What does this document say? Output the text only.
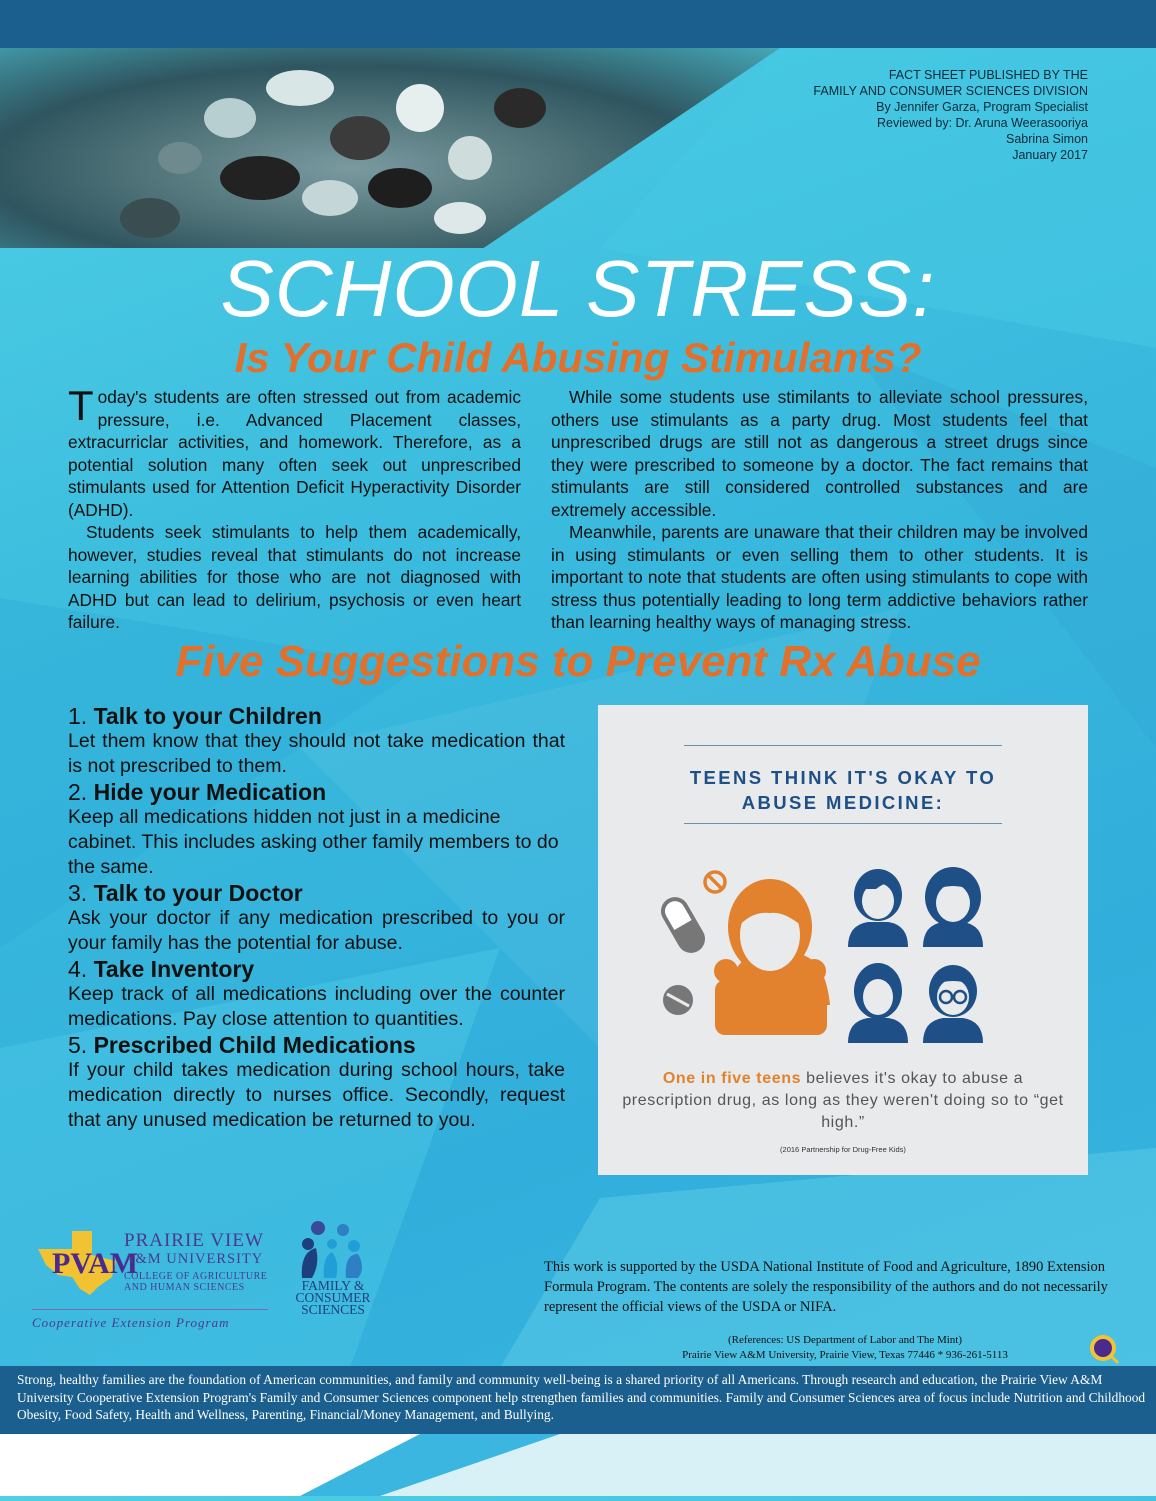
FACT SHEET PUBLISHED BY THE
FAMILY AND CONSUMER SCIENCES DIVISION
By Jennifer Garza, Program Specialist
Reviewed by: Dr. Aruna Weerasooriya
Sabrina Simon
January 2017
SCHOOL STRESS:
Is Your Child Abusing Stimulants?

Today's students are often stressed out from academic pressure, i.e. Advanced Placement classes, extracurriclar activities, and homework. Therefore, as a potential solution many often seek out unprescribed stimulants used for Attention Deficit Hyperactivity Disorder (ADHD).

Students seek stimulants to help them academically, however, studies reveal that stimulants do not increase learning abilities for those who are not diagnosed with ADHD but can lead to delirium, psychosis or even heart failure.

While some students use stimilants to alleviate school pressures, others use stimulants as a party drug. Most students feel that unprescribed drugs are still not as dangerous a street drugs since they were prescribed to someone by a doctor. The fact remains that stimulants are still considered controlled substances and are extremely accessible.

Meanwhile, parents are unaware that their children may be involved in using stimulants or even selling them to other students. It is important to note that students are often using stimulants to cope with stress thus potentially leading to long term addictive behaviors rather than learning healthy ways of managing stress.

Five Suggestions to Prevent Rx Abuse
1. Talk to your Children

Let them know that they should not take medication that is not prescribed to them.

2. Hide your Medication

Keep all medications hidden not just in a medicine cabinet. This includes asking other family members to do the same.

3. Talk to your Doctor

Ask your doctor if any medication prescribed to you or your family has the potential for abuse.

4. Take Inventory

Keep track of all medications including over the counter medications. Pay close attention to quantities.

5. Prescribed Child Medications

If your child takes medication during school hours, take medication directly to nurses office. Secondly, request that any unused medication be returned to you.

TEENS THINK IT'S OKAY TO
ABUSE MEDICINE:
One in five teens believes it's okay to abuse a prescription drug, as long as they weren't doing so to “get high.”
(2016 Partnership for Drug-Free Kids)
PVAM
PRAIRIE VIEW
A&M UNIVERSITY
COLLEGE OF AGRICULTURE
AND HUMAN SCIENCES
Cooperative Extension Program
FAMILY &
CONSUMER
SCIENCES
This work is supported by the USDA National Institute of Food and Agriculture, 1890 Extension Formula Program. The contents are solely the responsibility of the authors and do not necessarily represent the official views of the USDA or NIFA.
(References: US Department of Labor and The Mint)
Prairie View A&M University, Prairie View, Texas 77446 * 936-261-5113

Strong, healthy families are the foundation of American communities, and family and community well-being is a shared priority of all Americans. Through research and education, the Prairie View A&M University Cooperative Extension Program's Family and Consumer Sciences component help strengthen families and communities. Family and Consumer Sciences area of focus include Nutrition and Childhood Obesity, Food Safety, Health and Wellness, Parenting, Financial/Money Management, and Bullying.
